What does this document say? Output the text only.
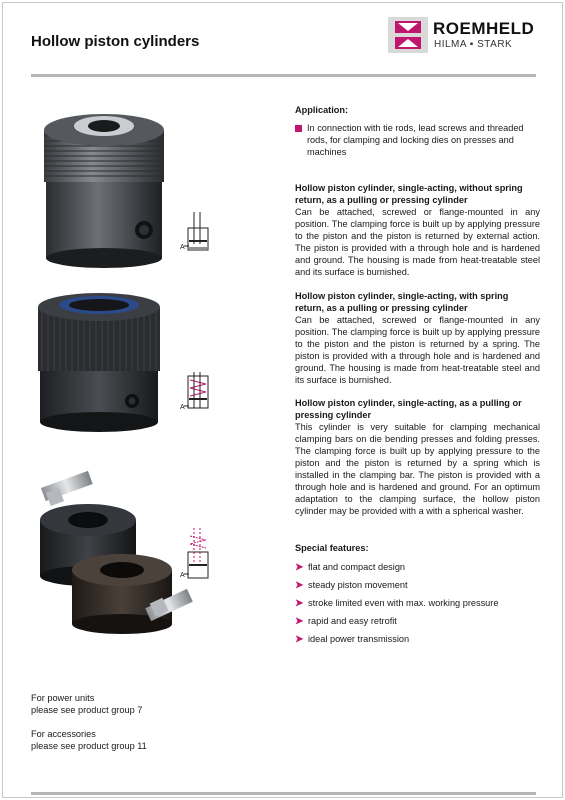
Hollow piston cylinders
ROEMHELD
HILMA ▪ STARK
A
A
A
Application:
In connection with tie rods, lead screws and threaded rods, for clamping and locking dies on presses and machines
Hollow piston cylinder, single-acting, without spring return, as a pulling or pressing cylinder
Can be attached, screwed or flange-mounted in any position. The clamping force is built up by applying pressure to the piston and the piston is returned by external action. The piston is provided with a through hole and is hardened and ground. The housing is made from heat-treatable steel and its surface is burnished.
Hollow piston cylinder, single-acting, with spring return, as a pulling or pressing cylinder
Can be attached, screwed or flange-mounted in any position. The clamping force is built up by applying pressure to the piston and the piston is returned by a spring. The piston is provided with a through hole and is hardened and ground. The housing is made from heat-treatable steel and its surface is burnished.
Hollow piston cylinder, single-acting, as a pulling or pressing cylinder
This cylinder is very suitable for clamping mechanical clamping bars on die bending presses and folding presses. The clamping force is built up by applying pressure to the piston and the piston is returned by a spring which is installed in the clamping bar. The piston is provided with a through hole and is hardened and ground. For an optimum adaptation to the clamping surface, the hollow piston cylinder may be provided with a with a spherical washer.
Special features:
➤ flat and compact design
➤ steady piston movement
➤ stroke limited even with max. working pressure
➤ rapid and easy retrofit
➤ ideal power transmission
For power units
please see product group 7
For accessories
please see product group 11
